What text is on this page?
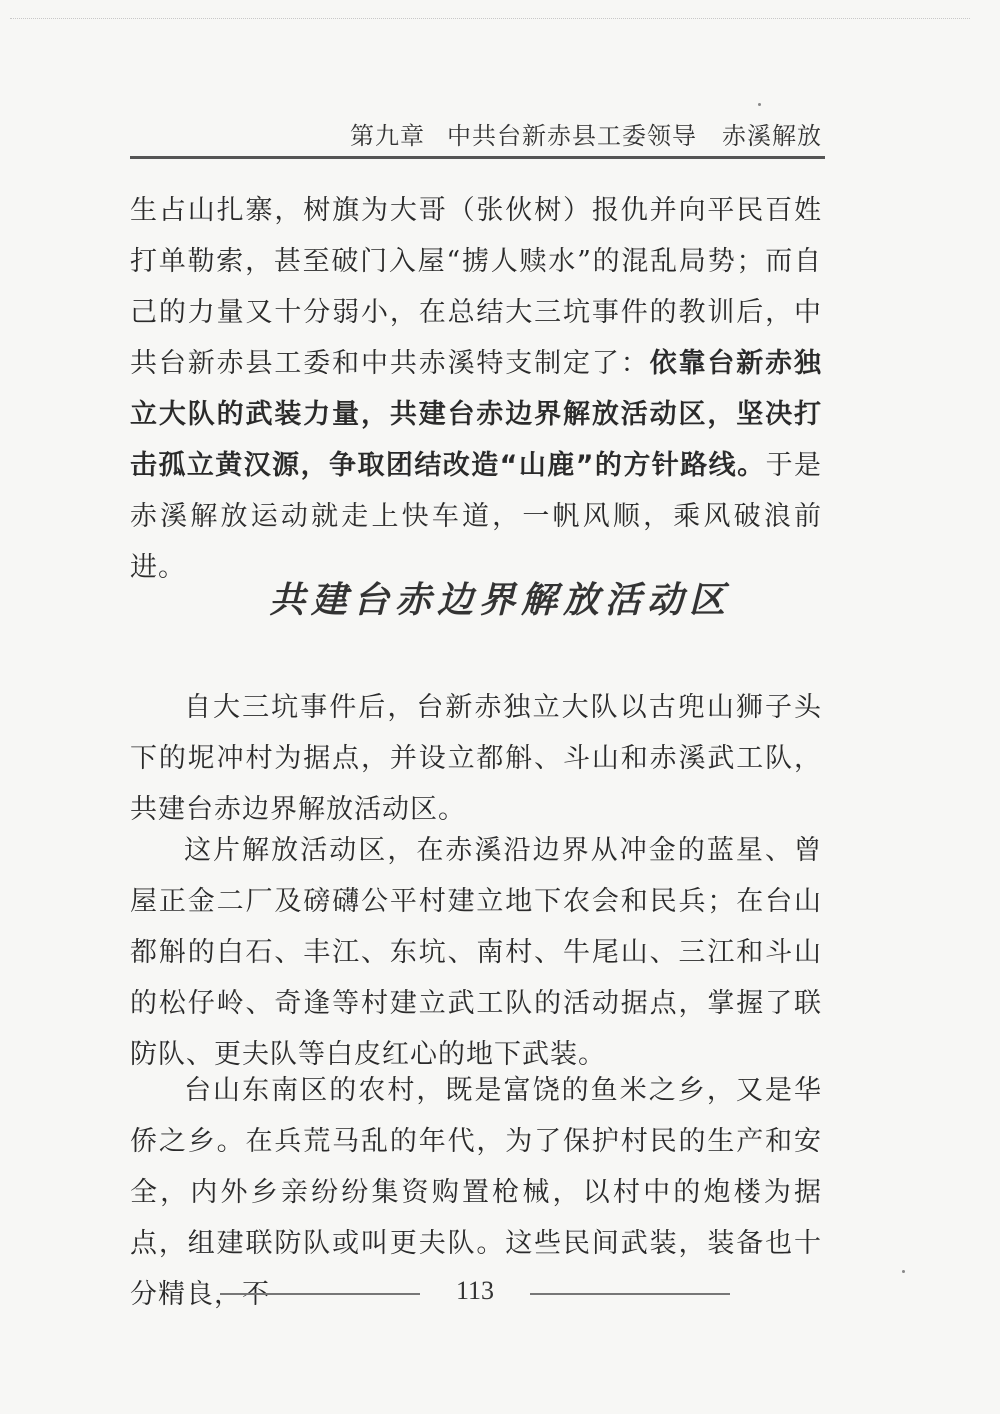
第九章 中共台新赤县工委领导　赤溪解放

生占山扎寨，树旗为大哥（张伙树）报仇并向平民百姓打单勒索，甚至破门入屋“掳人赎水”的混乱局势；而自己的力量又十分弱小，在总结大三坑事件的教训后，中共台新赤县工委和中共赤溪特支制定了：依靠台新赤独立大队的武装力量，共建台赤边界解放活动区，坚决打击孤立黄汉源，争取团结改造“山鹿”的方针路线。于是赤溪解放运动就走上快车道，一帆风顺，乘风破浪前进。

共建台赤边界解放活动区

自大三坑事件后，台新赤独立大队以古兜山狮子头下的坭冲村为据点，并设立都斛、斗山和赤溪武工队，共建台赤边界解放活动区。

这片解放活动区，在赤溪沿边界从冲金的蓝星、曾屋正金二厂及磅礴公平村建立地下农会和民兵；在台山都斛的白石、丰江、东坑、南村、牛尾山、三江和斗山的松仔岭、奇逢等村建立武工队的活动据点，掌握了联防队、更夫队等白皮红心的地下武装。

台山东南区的农村，既是富饶的鱼米之乡，又是华侨之乡。在兵荒马乱的年代，为了保护村民的生产和安全，内外乡亲纷纷集资购置枪械，以村中的炮楼为据点，组建联防队或叫更夫队。这些民间武装，装备也十分精良，不	113
